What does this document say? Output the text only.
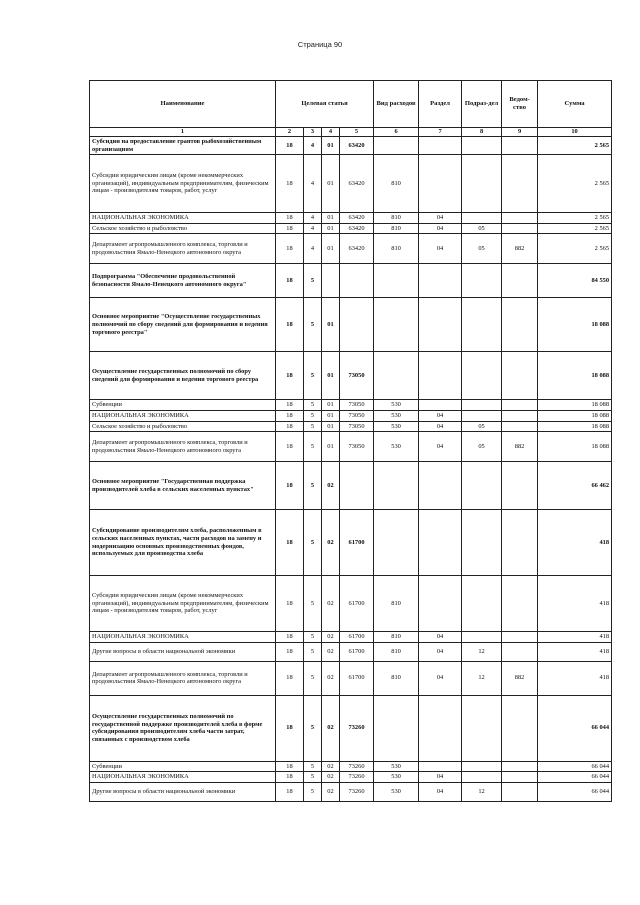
Страница 90
Наименование	Целевая статья				Вид расходов	Раздел	Подраз-дел	Ведом-ство	Сумма
1	2	3	4	5	6	7	8	9	10
Субсидии на предоставление грантов рыбохозяйственным организациям	18	4	01	63420					2 565
Субсидии юридическим лицам (кроме некоммерческих организаций), индивидуальным предпринимателям, физическим лицам - производителям товаров, работ, услуг	18	4	01	63420	810				2 565
НАЦИОНАЛЬНАЯ ЭКОНОМИКА	18	4	01	63420	810	04			2 565
Сельское хозяйство и рыболовство	18	4	01	63420	810	04	05		2 565
Департамент агропромышленного комплекса, торговли и продовольствия Ямало-Ненецкого автономного округа	18	4	01	63420	810	04	05	882	2 565
Подпрограмма "Обеспечение продовольственной безопасности Ямало-Ненецкого автономного округа"	18	5							84 550
Основное мероприятие "Осуществление государственных полномочий по сбору сведений для формирования и ведения торгового реестра"	18	5	01						18 088
Осуществление государственных полномочий по сбору сведений для формирования и ведения торгового реестра	18	5	01	73050					18 088
Субвенции	18	5	01	73050	530				18 088
НАЦИОНАЛЬНАЯ ЭКОНОМИКА	18	5	01	73050	530	04			18 088
Сельское хозяйство и рыболовство	18	5	01	73050	530	04	05		18 088
Департамент агропромышленного комплекса, торговли и продовольствия Ямало-Ненецкого автономного округа	18	5	01	73050	530	04	05	882	18 088
Основное мероприятие "Государственная поддержка производителей хлеба в сельских населенных пунктах"	18	5	02						66 462
Субсидирование производителям хлеба, расположенным в сельских населенных пунктах, части расходов на замену и модернизацию основных производственных фондов, используемых для производства хлеба	18	5	02	61700					418
Субсидии юридическим лицам (кроме некоммерческих организаций), индивидуальным предпринимателям, физическим лицам - производителям товаров, работ, услуг	18	5	02	61700	810				418
НАЦИОНАЛЬНАЯ ЭКОНОМИКА	18	5	02	61700	810	04			418
Другие вопросы в области национальной экономики	18	5	02	61700	810	04	12		418
Департамент агропромышленного комплекса, торговли и продовольствия Ямало-Ненецкого автономного округа	18	5	02	61700	810	04	12	882	418
Осуществление государственных полномочий по государственной поддержке производителей хлеба в форме субсидирования производителям хлеба части затрат, связанных с производством хлеба	18	5	02	73260					66 044
Субвенции	18	5	02	73260	530				66 044
НАЦИОНАЛЬНАЯ ЭКОНОМИКА	18	5	02	73260	530	04			66 044
Другие вопросы в области национальной экономики	18	5	02	73260	530	04	12		66 044
